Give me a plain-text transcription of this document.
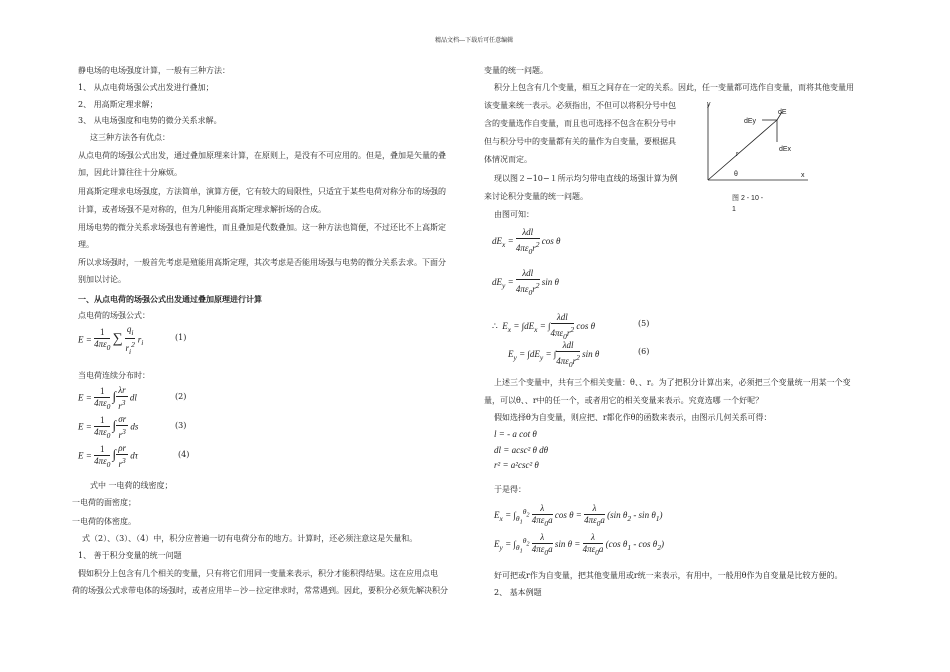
精品文档---下载后可任意编辑
静电场的电场强度计算，一般有三种方法：
1、 从点电荷场强公式出发进行叠加；
2、 用高斯定理求解；
3、 从电场强度和电势的微分关系求解。
这三种方法各有优点：
从点电荷的场强公式出发，通过叠加原理来计算，在原则上，是没有不可应用的。但是，叠加是矢量的叠
加，因此计算往往十分麻烦。
用高斯定理求电场强度，方法简单，演算方便，它有较大的局限性，只适宜于某些电荷对称分布的场强的
计算，或者场强不是对称的，但为几种能用高斯定理求解折场的合成。
用场电势的微分关系求场强也有普遍性，而且叠加是代数叠加。这一种方法也简便，不过还比不上高斯定
理。
所以求场强时，一般首先考虑是殖能用高斯定理，其次考虑是否能用场强与电势的微分关系去求。下面分
别加以讨论。
一、从点电荷的场强公式出发通过叠加原理进行计算
点电荷的场强公式：
$E = \frac{1}{4\pi\varepsilon_0}$ ∑ $\frac{q_i}{r_i^2} r_i$
(1)
当电荷连续分布时：
$E = \frac{1}{4\pi\varepsilon_0}$ ∫ $\frac{\lambda r}{r^3}$ dl	(2)
$E = \frac{1}{4\pi\varepsilon_0}$ ∫ $\frac{\sigma r}{r^3}$ ds	(3)
$E = \frac{1}{4\pi\varepsilon_0}$ ∫ $\frac{\rho r}{r^3}$ dτ	(4)
式中 一电荷的线密度；
一电荷的面密度；
一电荷的体密度。
式（2）、（3）、（4）中，积分应普遍一切有电荷分布的地方。计算时，还必须注意这是矢量和。
1、 善于积分变量的统一问题
假如积分上包含有几个相关的变量，只有将它们用同一变量来表示，积分才能积得结果。这在应用点电
荷的场强公式求带电体的场强时，或者应用毕－沙－拉定律求时，常常遇到。因此，要积分必须先解决积分
变量的统一问题。
积分上包含有几个变量，相互之间存在一定的关系。因此，任一变量都可选作自变量，而将其他变量用
该变量来统一表示。必须指出，不但可以将积分号中包
含的变量选作自变量，而且也可选择不包含在积分号中
但与积分号中的变量都有关的量作为自变量，要根据具
体情况而定。
现以图２−10−１所示均匀带电直线的场强计算为例
来讨论积分变量的统一问题。
由图可知：
y
x
dE
dEy
dEx
r
θ
图 2 - 10 -
1
$dE_x = \frac{\text{λdl}}{4\pi\varepsilon_0r^2}$ cos θ
$dE_y = \frac{\text{λdl}}{4\pi\varepsilon_0r^2}$ sin θ
∴  $E_x = \int dE_x$ = ∫ $\frac{\text{λdl}}{4\pi\varepsilon_0r^2}$ cos θ	(5)
$E_y = \int dE_y$ = ∫ $\frac{\text{λdl}}{4\pi\varepsilon_0r^2}$ sin θ	(6)
上述三个变量中，共有三个相关变量：θ、、r。为了把积分计算出来，必须把三个变量统一用某一个变
量，可以θ、、r中的任一个，或者用它的相关变量来表示。究竟选哪 一个好呢？
假如选择θ为自变量，则应把、r都化作θ的函数来表示，由图示几何关系可得：
l = - a cot θ
dl = acsc² θ dθ
r² = a²csc² θ
于是得：
$E_x = \int_{\theta_1}^{\theta_2} \frac{\lambda}{4\pi\varepsilon_0a}$ $\cos \theta = \frac{\lambda}{4\pi\varepsilon_0a} (\sin$ $\theta_2$ - $\sin \theta_1$)
$E_y = \int_{\theta_1}^{\theta_2} \frac{\lambda}{4\pi\varepsilon_0a}$ $\sin \theta = \frac{\lambda}{4\pi\varepsilon_0a} (\cos$ $\theta_1$ - $\cos \theta_2$)
好可把或r作为自变量，把其他变量用或r统一来表示，有用中，一般用θ作为自变量是比较方便的。
2、 基本例题
